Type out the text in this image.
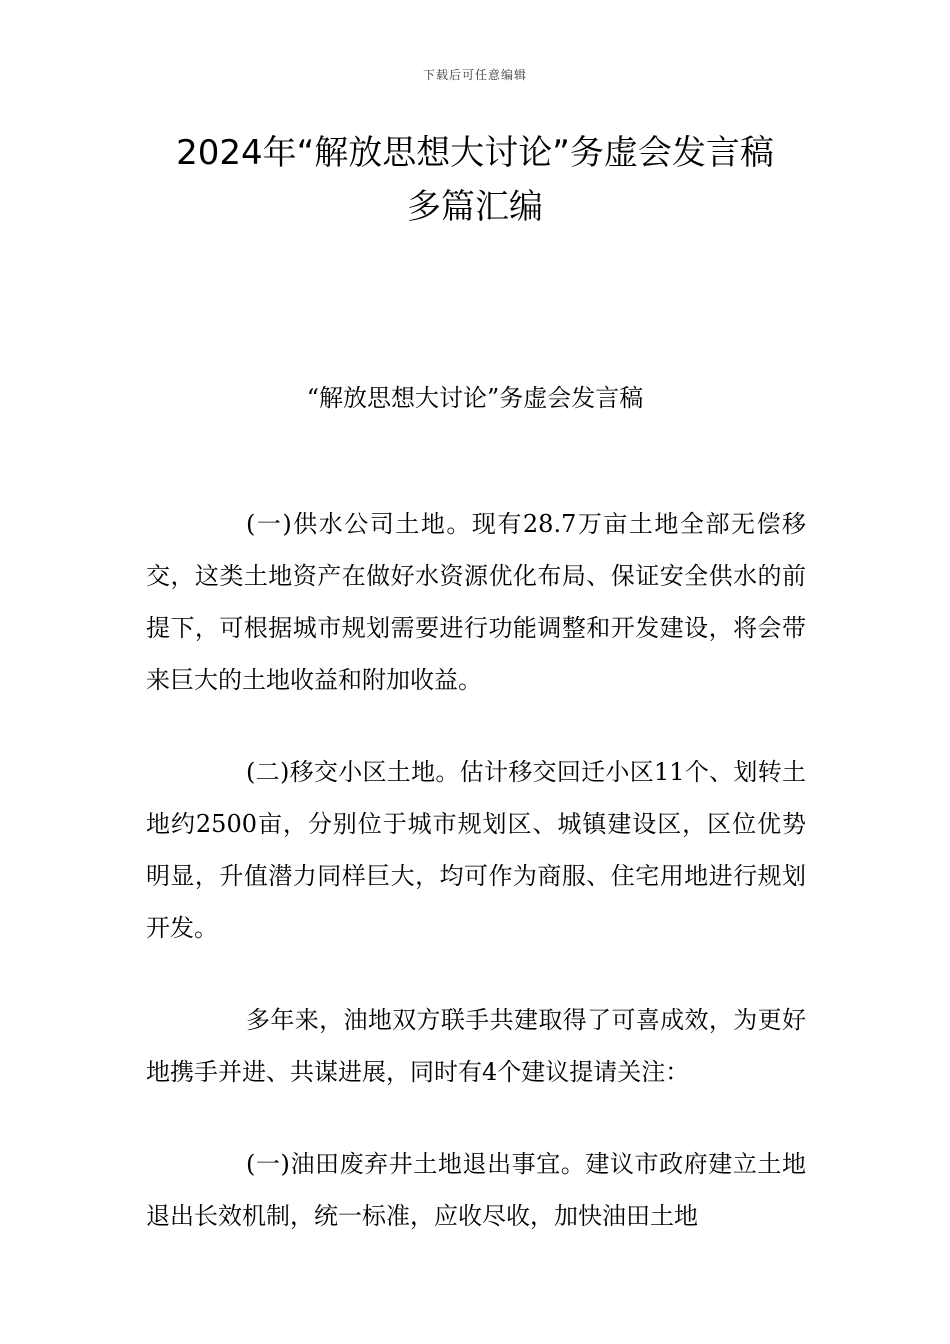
下载后可任意编辑
2024年“解放思想大讨论”务虚会发言稿
多篇汇编
“解放思想大讨论”务虚会发言稿

(一)供水公司土地。现有28.7万亩土地全部无偿移交，这类土地资产在做好水资源优化布局、保证安全供水的前提下，可根据城市规划需要进行功能调整和开发建设，将会带来巨大的土地收益和附加收益。

(二)移交小区土地。估计移交回迁小区11个、划转土地约2500亩，分别位于城市规划区、城镇建设区，区位优势明显，升值潜力同样巨大，均可作为商服、住宅用地进行规划开发。

多年来，油地双方联手共建取得了可喜成效，为更好地携手并进、共谋进展，同时有4个建议提请关注：

(一)油田废弃井土地退出事宜。建议市政府建立土地退出长效机制，统一标准，应收尽收，加快油田土地
